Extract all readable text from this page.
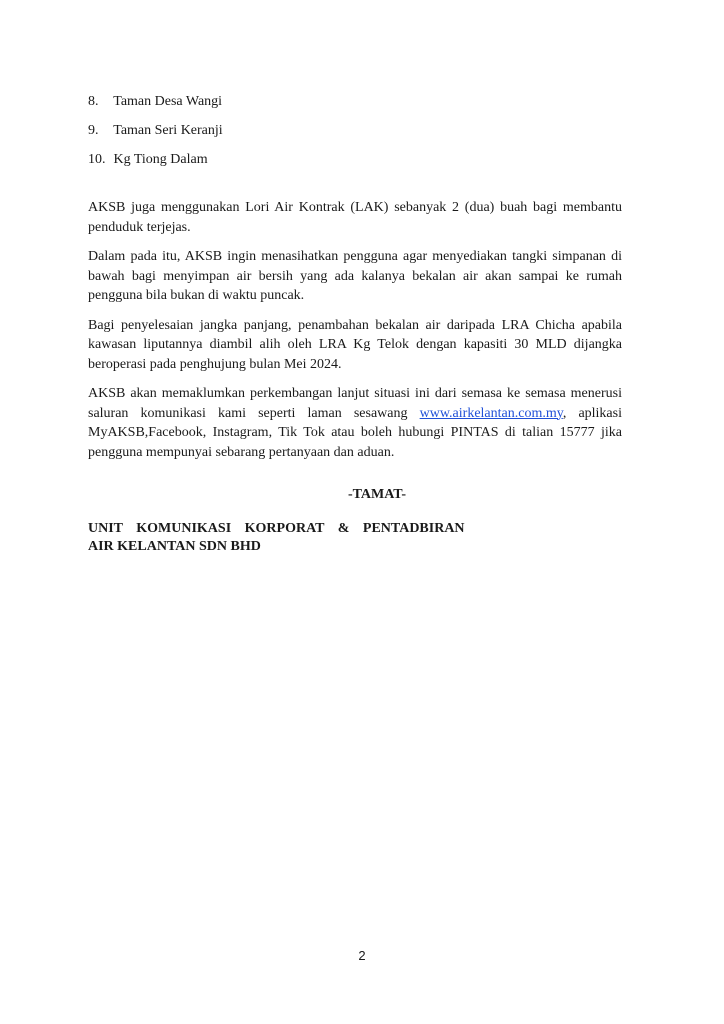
8. Taman Desa Wangi
9. Taman Seri Keranji
10. Kg Tiong Dalam

AKSB juga menggunakan Lori Air Kontrak (LAK) sebanyak 2 (dua) buah bagi membantu penduduk terjejas.

Dalam pada itu, AKSB ingin menasihatkan pengguna agar menyediakan tangki simpanan di bawah bagi menyimpan air bersih yang ada kalanya bekalan air akan sampai ke rumah pengguna bila bukan di waktu puncak.

Bagi penyelesaian jangka panjang, penambahan bekalan air daripada LRA Chicha apabila kawasan liputannya diambil alih oleh LRA Kg Telok dengan kapasiti 30 MLD dijangka beroperasi pada penghujung bulan Mei 2024.

AKSB akan memaklumkan perkembangan lanjut situasi ini dari semasa ke semasa menerusi saluran komunikasi kami seperti laman sesawang www.airkelantan.com.my, aplikasi MyAKSB,Facebook, Instagram, Tik Tok atau boleh hubungi PINTAS di talian 15777 jika pengguna mempunyai sebarang pertanyaan dan aduan.

-TAMAT-
UNIT KOMUNIKASI KORPORAT & PENTADBIRAN
AIR KELANTAN SDN BHD
2
